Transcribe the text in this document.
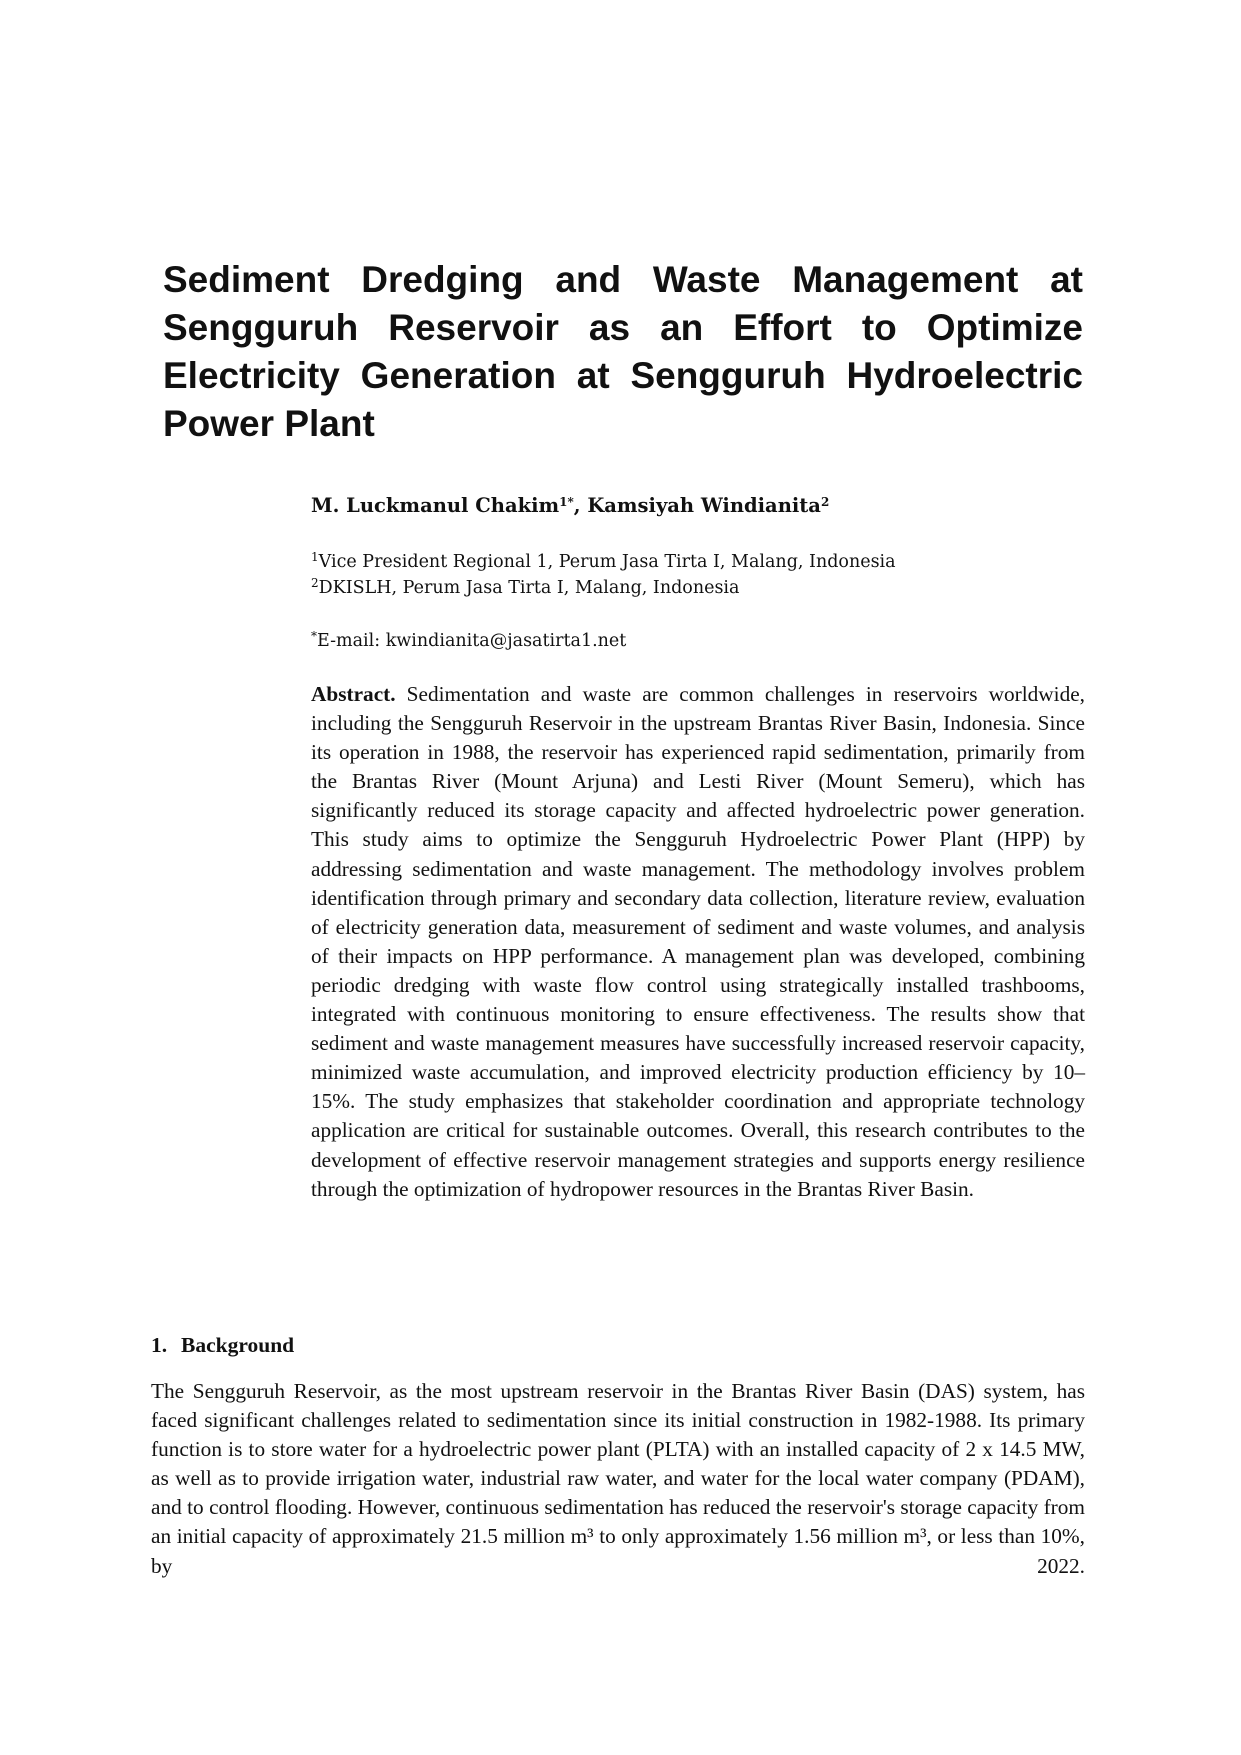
Sediment Dredging and Waste Management at Sengguruh Reservoir as an Effort to Optimize Electricity Generation at Sengguruh Hydroelectric Power Plant

M. Luckmanul Chakim$^{1*}$, Kamsiyah Windianita$^2$

$^1$Vice President Regional 1, Perum Jasa Tirta I, Malang, Indonesia

$^2$DKISLH, Perum Jasa Tirta I, Malang, Indonesia

*E-mail: kwindianita@jasatirta1.net

Abstract. Sedimentation and waste are common challenges in reservoirs worldwide, including the Sengguruh Reservoir in the upstream Brantas River Basin, Indonesia. Since its operation in 1988, the reservoir has experienced rapid sedimentation, primarily from the Brantas River (Mount Arjuna) and Lesti River (Mount Semeru), which has significantly reduced its storage capacity and affected hydroelectric power generation. This study aims to optimize the Sengguruh Hydroelectric Power Plant (HPP) by addressing sedimentation and waste management. The methodology involves problem identification through primary and secondary data collection, literature review, evaluation of electricity generation data, measurement of sediment and waste volumes, and analysis of their impacts on HPP performance. A management plan was developed, combining periodic dredging with waste flow control using strategically installed trashbooms, integrated with continuous monitoring to ensure effectiveness. The results show that sediment and waste management measures have successfully increased reservoir capacity, minimized waste accumulation, and improved electricity production efficiency by 10–15%. The study emphasizes that stakeholder coordination and appropriate technology application are critical for sustainable outcomes. Overall, this research contributes to the development of effective reservoir management strategies and supports energy resilience through the optimization of hydropower resources in the Brantas River Basin.

1. Background

The Sengguruh Reservoir, as the most upstream reservoir in the Brantas River Basin (DAS) system, has faced significant challenges related to sedimentation since its initial construction in 1982-1988. Its primary function is to store water for a hydroelectric power plant (PLTA) with an installed capacity of 2 x 14.5 MW, as well as to provide irrigation water, industrial raw water, and water for the local water company (PDAM), and to control flooding. However, continuous sedimentation has reduced the reservoir's storage capacity from an initial capacity of approximately 21.5 million m³ to only approximately 1.56 million m³, or less than 10%, by 2022.
